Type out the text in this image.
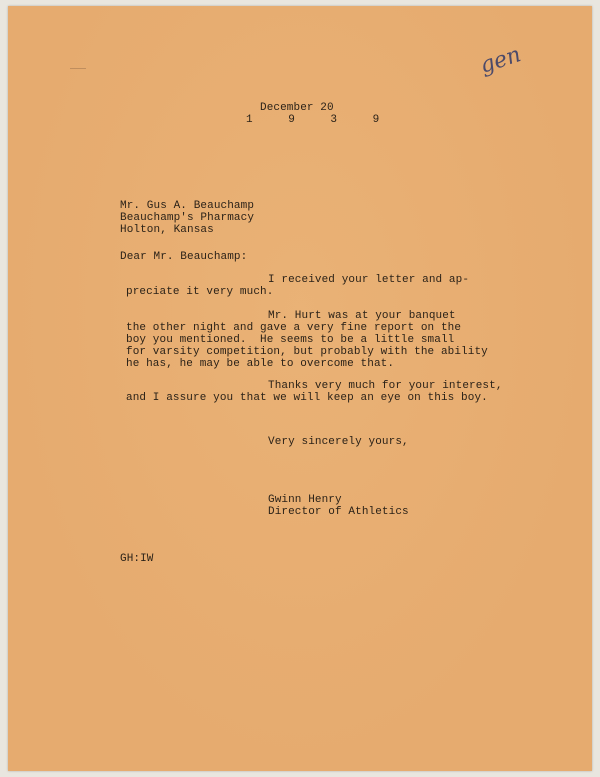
gen
December 20
1 9 3 9
Mr. Gus A. Beauchamp
Beauchamp's Pharmacy
Holton, Kansas
Dear Mr. Beauchamp:
I received your letter and ap-
preciate it very much.
Mr. Hurt was at your banquet
the other night and gave a very fine report on the
boy you mentioned.  He seems to be a little small
for varsity competition, but probably with the ability
he has, he may be able to overcome that.
Thanks very much for your interest,
and I assure you that we will keep an eye on this boy.
Very sincerely yours,
Gwinn Henry
Director of Athletics
GH:IW
